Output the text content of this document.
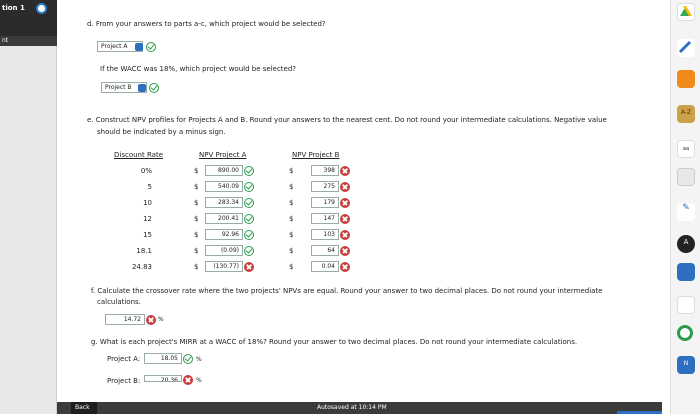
tion 1
nt
d. From your answers to parts a-c, which project would be selected?
Project A
If the WACC was 18%, which project would be selected?
Project B
e. Construct NPV profiles for Projects A and B. Round your answers to the nearest cent. Do not round your intermediate calculations. Negative value
should be indicated by a minus sign.
Discount Rate	NPV Project A	NPV Project B
0%	$	890.00	$	398
5	$	540.09	$	275
10	$	283.34	$	179
12	$	200.41	$	147
15	$	92.96	$	103
18.1	$	(0.09)	$	64
24.83	$	(130.77)	$	0.04
f. Calculate the crossover rate where the two projects' NPVs are equal. Round your answer to two decimal places. Do not round your intermediate
calculations.
14.72	%
g. What is each project's MIRR at a WACC of 18%? Round your answer to two decimal places. Do not round your intermediate calculations.
Project A:	18.05	%
Project B:	20.36	%
Back	Autosaved at 10:14 PM
A-Z
aa
✎
A
N
